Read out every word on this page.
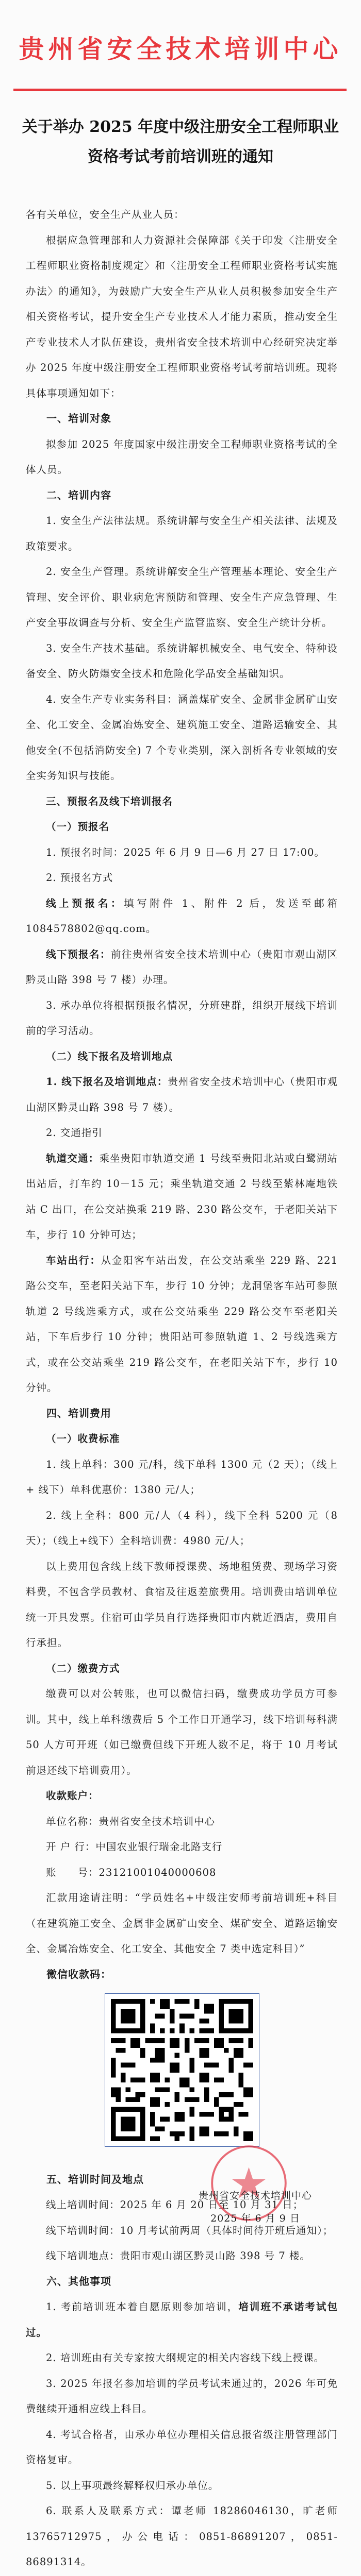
贵州省安全技术培训中心
关于举办 2025 年度中级注册安全工程师职业
资格考试考前培训班的通知

各有关单位，安全生产从业人员：

根据应急管理部和人力资源社会保障部《关于印发〈注册安全工程师职业资格制度规定〉和〈注册安全工程师职业资格考试实施办法〉的通知》，为鼓励广大安全生产从业人员积极参加安全生产相关资格考试，提升安全生产专业技术人才能力素质，推动安全生产专业技术人才队伍建设，贵州省安全技术培训中心经研究决定举办 2025 年度中级注册安全工程师职业资格考试考前培训班。现将具体事项通知如下：

一、培训对象

拟参加 2025 年度国家中级注册安全工程师职业资格考试的全体人员。

二、培训内容

1. 安全生产法律法规。系统讲解与安全生产相关法律、法规及政策要求。

2. 安全生产管理。系统讲解安全生产管理基本理论、安全生产管理、安全评价、职业病危害预防和管理、安全生产应急管理、生产安全事故调查与分析、安全生产监管监察、安全生产统计分析。

3. 安全生产技术基础。系统讲解机械安全、电气安全、特种设备安全、防火防爆安全技术和危险化学品安全基础知识。

4. 安全生产专业实务科目：涵盖煤矿安全、金属非金属矿山安全、化工安全、金属冶炼安全、建筑施工安全、道路运输安全、其他安全(不包括消防安全) 7 个专业类别，深入剖析各专业领域的安全实务知识与技能。

三、预报名及线下培训报名

（一）预报名

1. 预报名时间：2025 年 6 月 9 日—6 月 27 日 17:00。

2. 预报名方式

线上预报名：填写附件 1、附件 2 后，发送至邮箱 1084578802@qq.com。

线下预报名：前往贵州省安全技术培训中心（贵阳市观山湖区黔灵山路 398 号 7 楼）办理。

3. 承办单位将根据预报名情况，分班建群，组织开展线下培训前的学习活动。

（二）线下报名及培训地点

1. 线下报名及培训地点：贵州省安全技术培训中心（贵阳市观山湖区黔灵山路 398 号 7 楼）。

2. 交通指引

轨道交通：乘坐贵阳市轨道交通 1 号线至贵阳北站或白鹭湖站出站后，打车约 10－15 元；乘坐轨道交通 2 号线至紫林庵地铁站 C 出口，在公交站换乘 219 路、230 路公交车，于老阳关站下车，步行 10 分钟可达；

车站出行：从金阳客车站出发，在公交站乘坐 229 路、221 路公交车，至老阳关站下车，步行 10 分钟；龙洞堡客车站可参照轨道 2 号线选乘方式，或在公交站乘坐 229 路公交车至老阳关站，下车后步行 10 分钟；贵阳站可参照轨道 1、2 号线选乘方式，或在公交站乘坐 219 路公交车，在老阳关站下车，步行 10 分钟。

四、培训费用

（一）收费标准

1. 线上单科：300 元/科，线下单科 1300 元（2 天）；（线上 + 线下）单科优惠价：1380 元/人；

2. 线上全科：800 元/人（4 科），线下全科 5200 元（8 天）；（线上+线下）全科培训费：4980 元/人；

以上费用包含线上线下教师授课费、场地租赁费、现场学习资料费，不包含学员教材、食宿及往返差旅费用。培训费由培训单位统一开具发票。住宿可由学员自行选择贵阳市内就近酒店，费用自行承担。

（二）缴费方式

缴费可以对公转账，也可以微信扫码，缴费成功学员方可参训。其中，线上单科缴费后 5 个工作日开通学习，线下培训每科满 50 人方可开班（如已缴费但线下开班人数不足，将于 10 月考试前退还线下培训费用）。

收款账户：

单位名称：贵州省安全技术培训中心

开 户 行：中国农业银行瑞金北路支行

账　　号：23121001040000608

汇款用途请注明：“学员姓名+中级注安师考前培训班+科目（在建筑施工安全、金属非金属矿山安全、煤矿安全、道路运输安全、金属冶炼安全、化工安全、其他安全 7 类中选定科目）”

微信收款码：

五、培训时间及地点

线上培训时间：2025 年 6 月 20 日至 10 月 31 日；

线下培训时间：10 月考试前两周（具体时间待开班后通知）；

线下培训地点：贵阳市观山湖区黔灵山路 398 号 7 楼。

六、其他事项

1. 考前培训班本着自愿原则参加培训，培训班不承诺考试包过。

2. 培训班由有关专家按大纲规定的相关内容线下线上授课。

3. 2025 年报名参加培训的学员考试未通过的，2026 年可免费继续开通相应线上科目。

4. 考试合格者，由承办单位办理相关信息报省级注册管理部门资格复审。

5. 以上事项最终解释权归承办单位。

6. 联系人及联系方式：谭老师 18286046130，旷老师 13765712975，办公电话：0851-86891207，0851-86891314。

贵州省安全技术培训中心
2025 年 6 月 9 日
